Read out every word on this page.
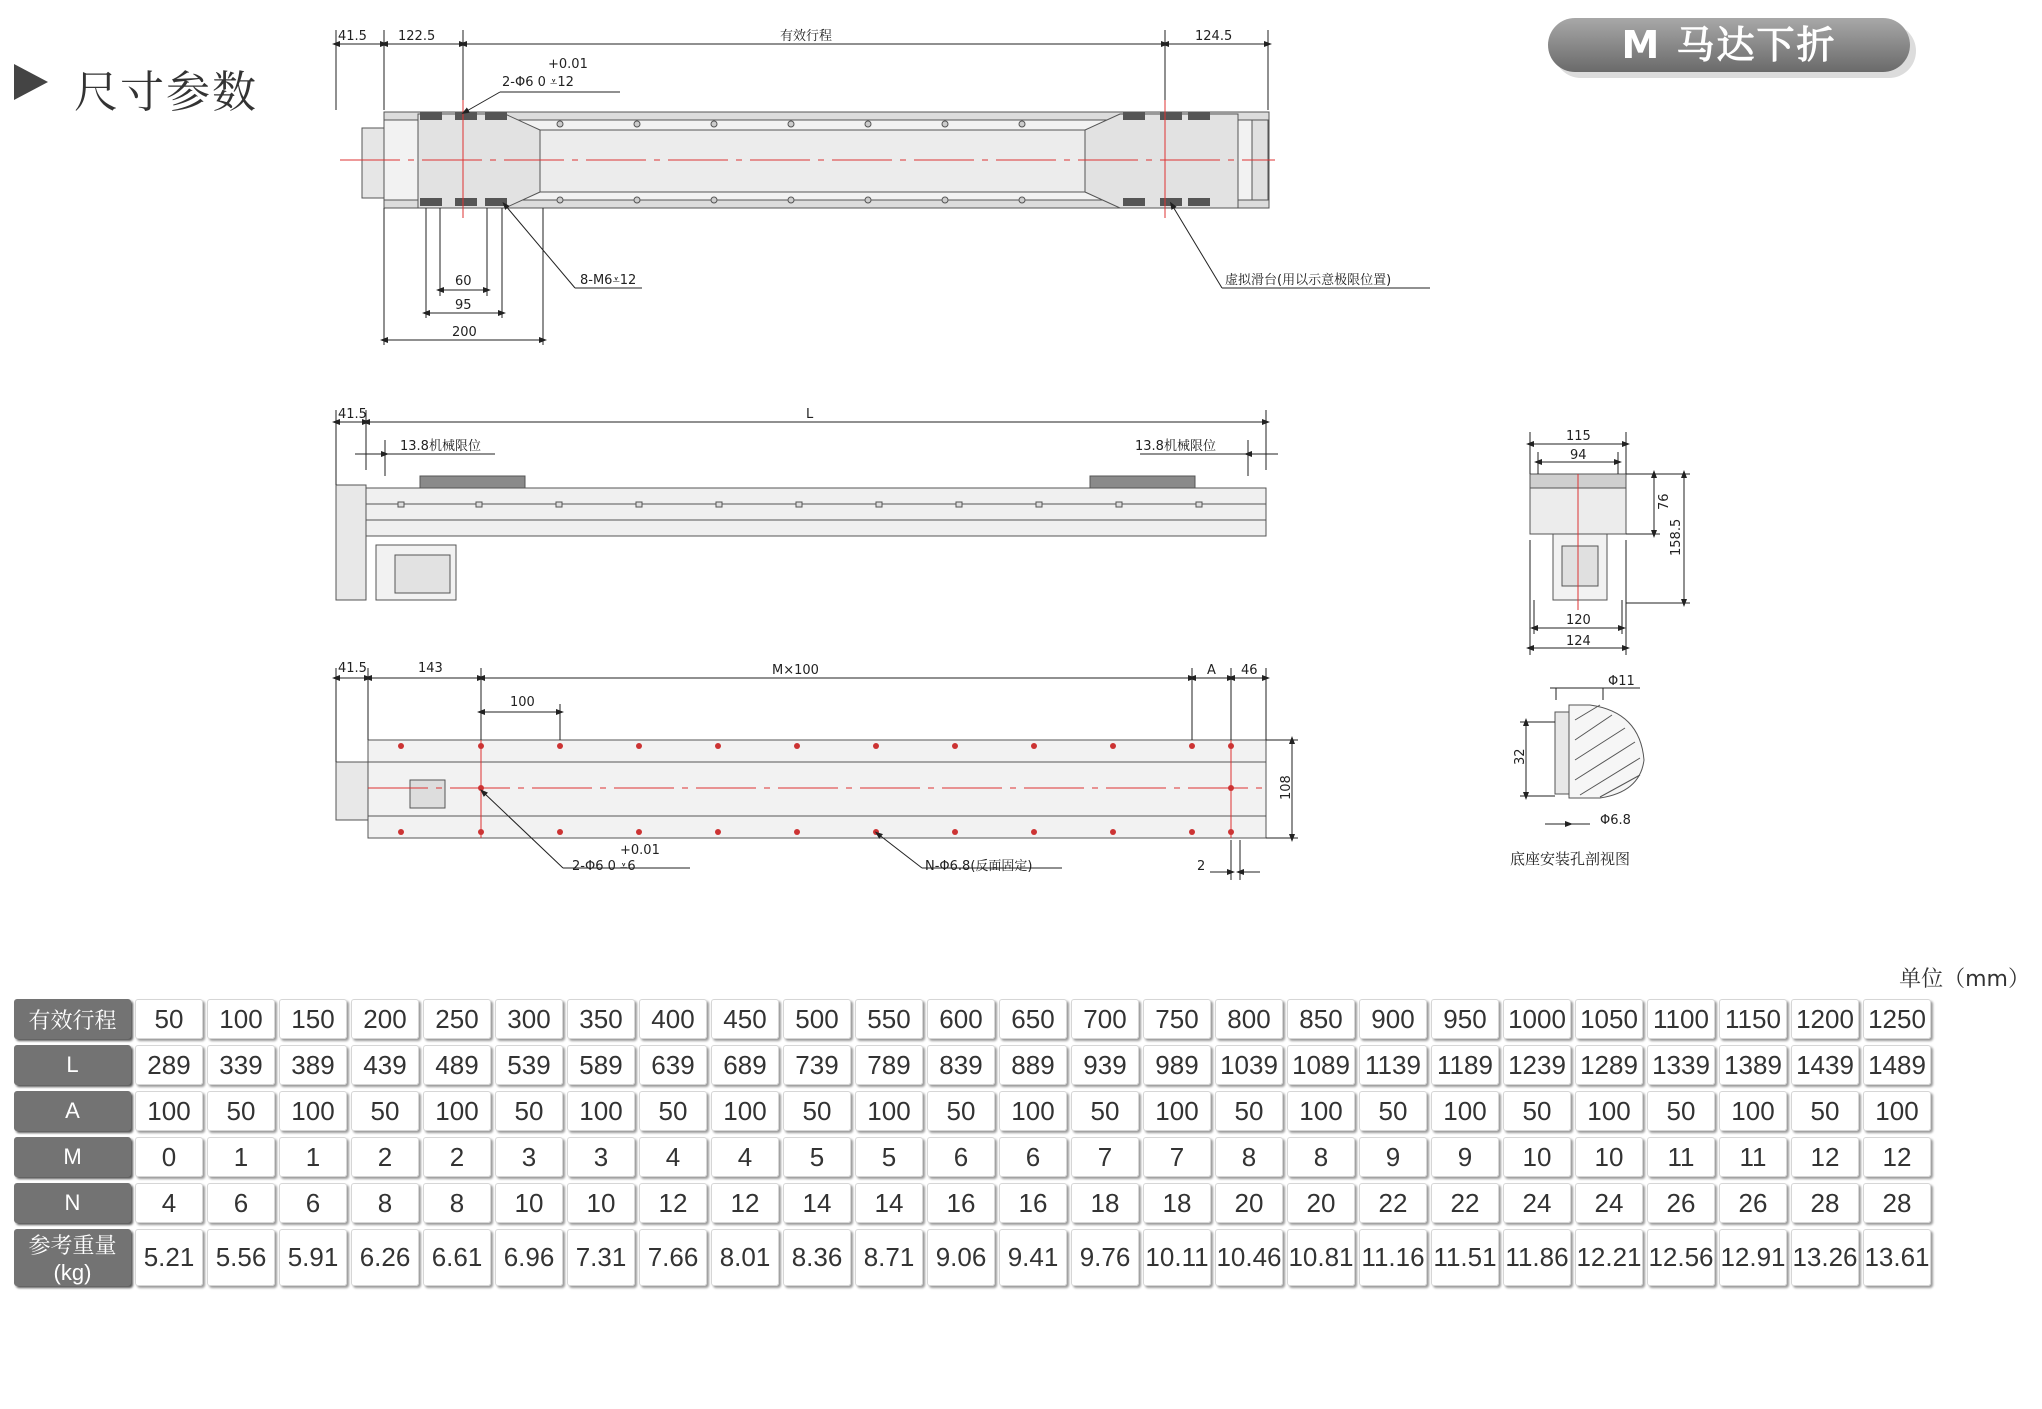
尺寸参数
M 马达下折
41.5 122.5	有效行程	124.5
+0.01
2-Φ6 0 ⩡12
8-M6⩡12
60
95
200
虚拟滑台(用以示意极限位置)
41.5	L
13.8机械限位	13.8机械限位
41.5	143	M×100
100
A 46
108
+0.01
2-Φ6 0 ⩡6	N-Φ6.8(反面固定)	2
115
94
76
158.5
120
124
Φ11
32
Φ6.8
底座安装孔剖视图
单位（mm）
有效行程	50	100	150	200	250	300	350	400	450	500	550	600	650	700	750	800	850	900	950	1000	1050	1100	1150	1200	1250
L	289	339	389	439	489	539	589	639	689	739	789	839	889	939	989	1039	1089	1139	1189	1239	1289	1339	1389	1439	1489
A	100	50	100	50	100	50	100	50	100	50	100	50	100	50	100	50	100	50	100	50	100	50	100	50	100
M	0	1	1	2	2	3	3	4	4	5	5	6	6	7	7	8	8	9	9	10	10	11	11	12	12
N	4	6	6	8	8	10	10	12	12	14	14	16	16	18	18	20	20	22	22	24	24	26	26	28	28
参考重量(kg)	5.21	5.56	5.91	6.26	6.61	6.96	7.31	7.66	8.01	8.36	8.71	9.06	9.41	9.76	10.11	10.46	10.81	11.16	11.51	11.86	12.21	12.56	12.91	13.26	13.61
